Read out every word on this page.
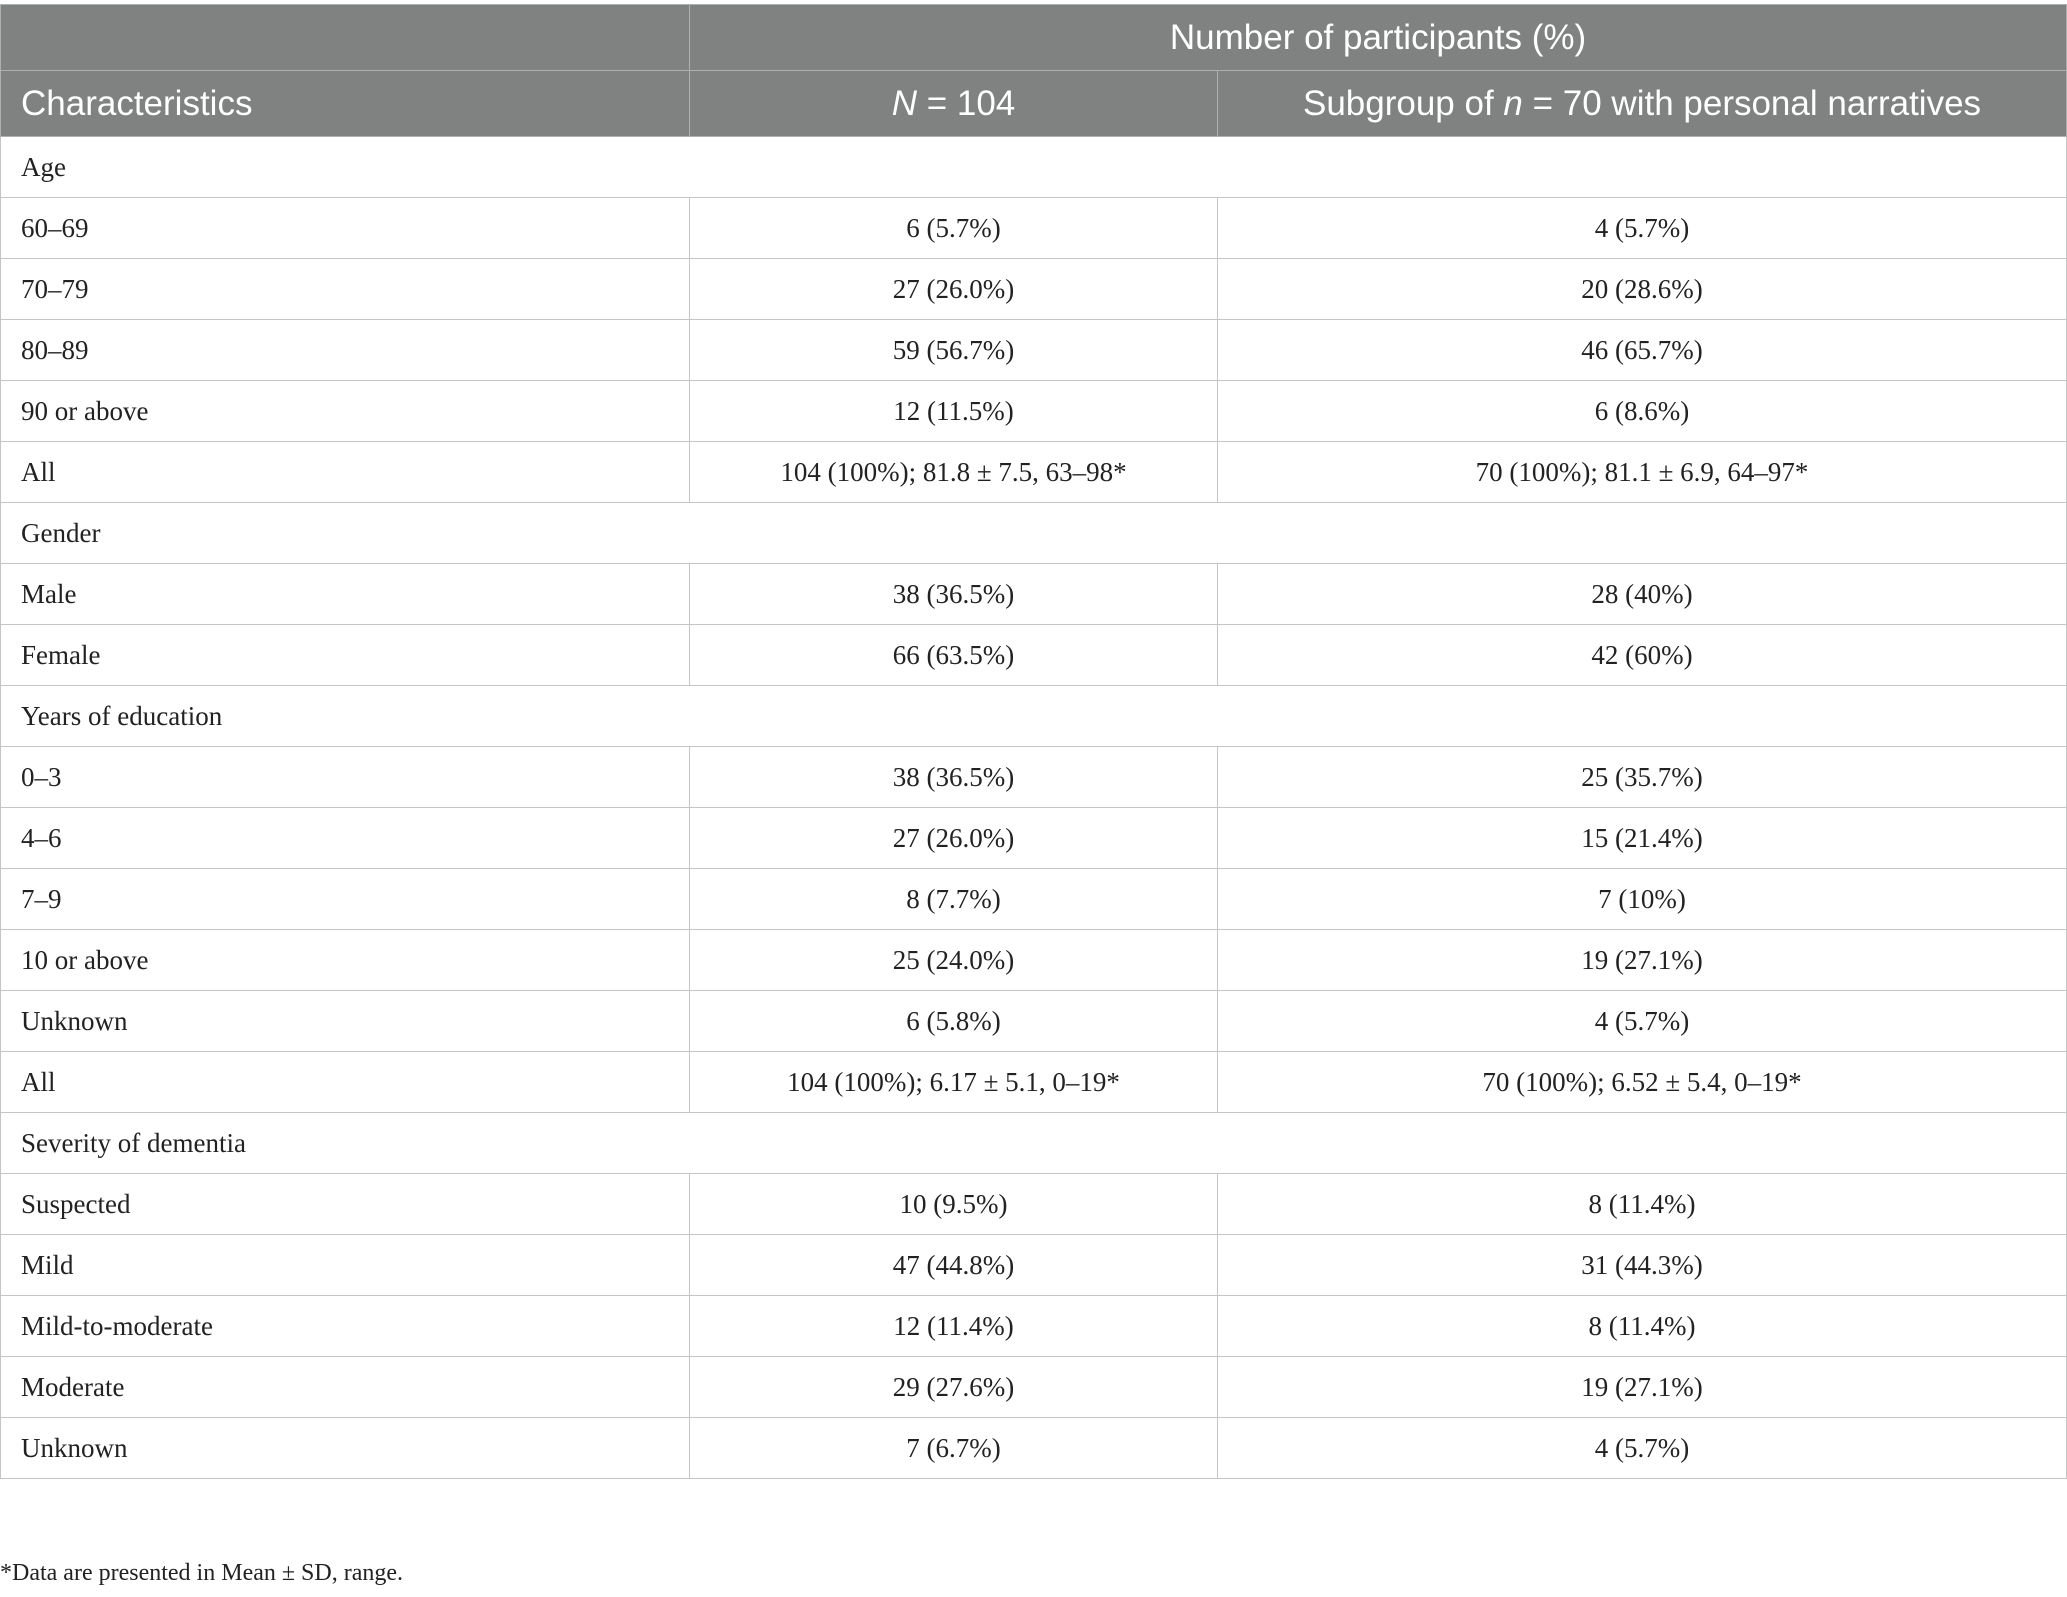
	Number of participants (%)	
Characteristics	N = 104	Subgroup of n = 70 with personal narratives
Age		
60–69	6 (5.7%)	4 (5.7%)
70–79	27 (26.0%)	20 (28.6%)
80–89	59 (56.7%)	46 (65.7%)
90 or above	12 (11.5%)	6 (8.6%)
All	104 (100%); 81.8 ± 7.5, 63–98*	70 (100%); 81.1 ± 6.9, 64–97*
Gender		
Male	38 (36.5%)	28 (40%)
Female	66 (63.5%)	42 (60%)
Years of education		
0–3	38 (36.5%)	25 (35.7%)
4–6	27 (26.0%)	15 (21.4%)
7–9	8 (7.7%)	7 (10%)
10 or above	25 (24.0%)	19 (27.1%)
Unknown	6 (5.8%)	4 (5.7%)
All	104 (100%); 6.17 ± 5.1, 0–19*	70 (100%); 6.52 ± 5.4, 0–19*
Severity of dementia		
Suspected	10 (9.5%)	8 (11.4%)
Mild	47 (44.8%)	31 (44.3%)
Mild-to-moderate	12 (11.4%)	8 (11.4%)
Moderate	29 (27.6%)	19 (27.1%)
Unknown	7 (6.7%)	4 (5.7%)
*Data are presented in Mean ± SD, range.
